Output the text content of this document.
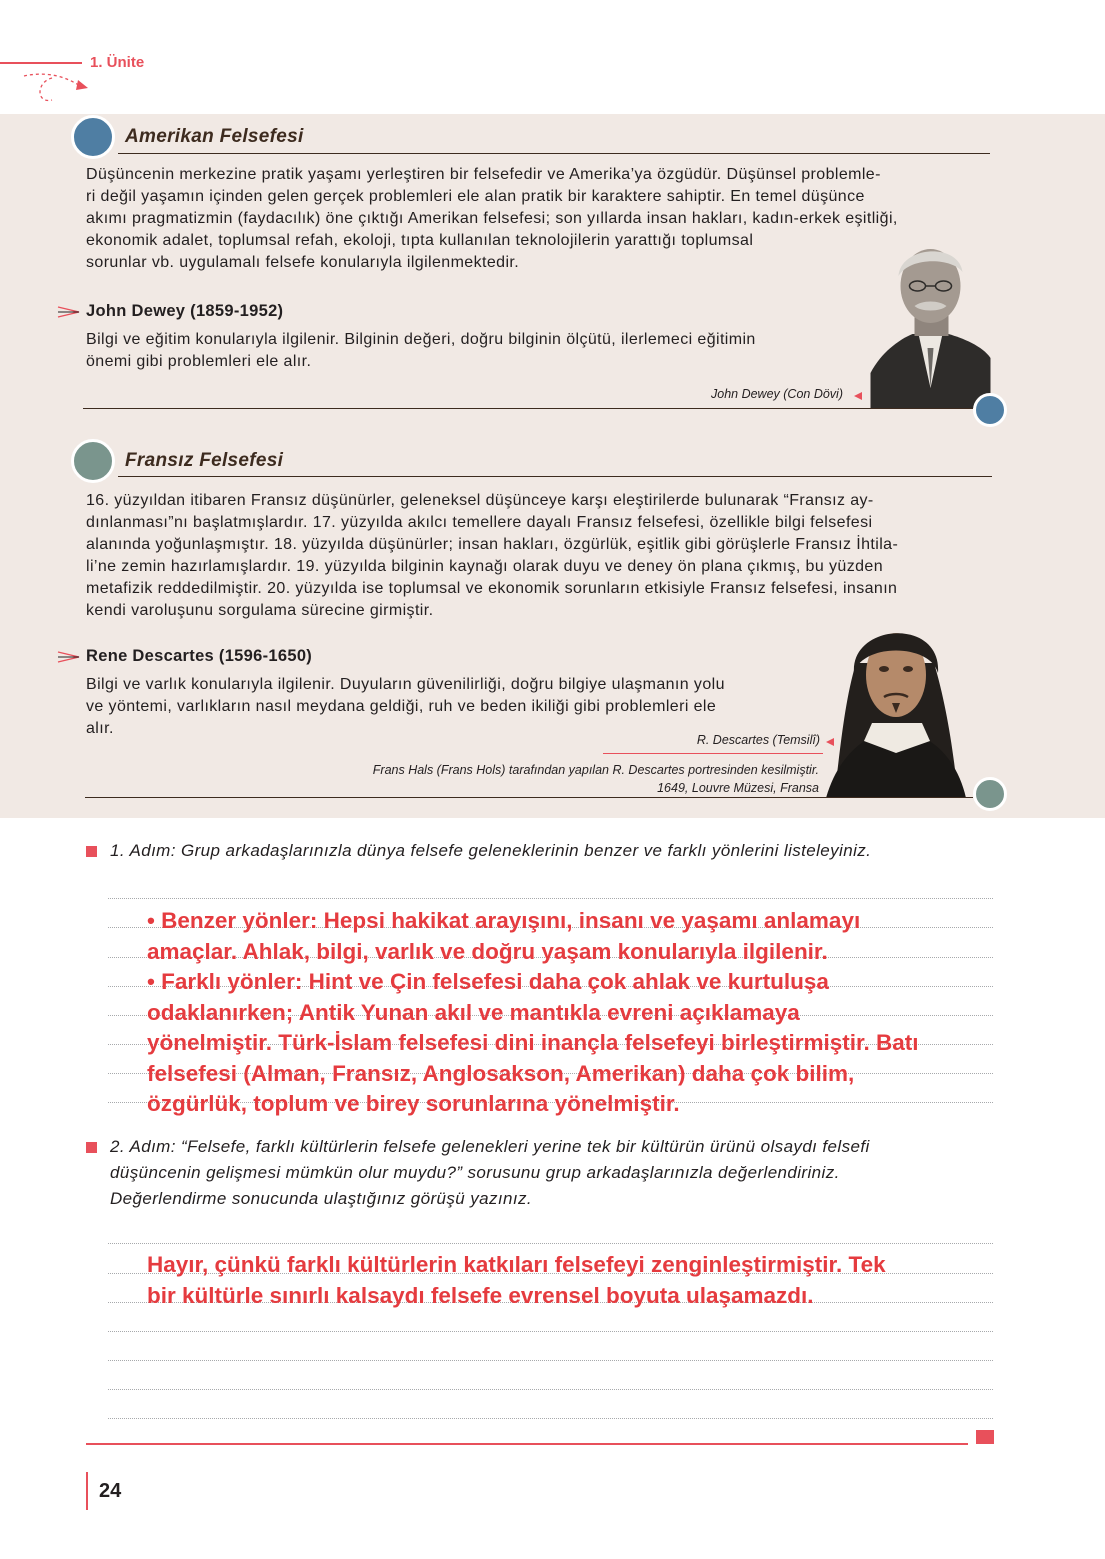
1. Ünite
Amerikan Felsefesi
Düşüncenin merkezine pratik yaşamı yerleştiren bir felsefedir ve Amerika’ya özgüdür. Düşünsel problemle-
ri değil yaşamın içinden gelen gerçek problemleri ele alan pratik bir karaktere sahiptir. En temel düşünce
akımı pragmatizmin (faydacılık) öne çıktığı Amerikan felsefesi; son yıllarda insan hakları, kadın-erkek eşitliği,
ekonomik adalet, toplumsal refah, ekoloji, tıpta kullanılan teknolojilerin yarattığı toplumsal
sorunlar vb. uygulamalı felsefe konularıyla ilgilenmektedir.
John Dewey (1859-1952)
Bilgi ve eğitim konularıyla ilgilenir. Bilginin değeri, doğru bilginin ölçütü, ilerlemeci eğitimin
önemi gibi problemleri ele alır.
John Dewey (Con Dövi)
Fransız Felsefesi
16. yüzyıldan itibaren Fransız düşünürler, geleneksel düşünceye karşı eleştirilerde bulunarak “Fransız ay-
dınlanması”nı başlatmışlardır. 17. yüzyılda akılcı temellere dayalı Fransız felsefesi, özellikle bilgi felsefesi
alanında yoğunlaşmıştır. 18. yüzyılda düşünürler; insan hakları, özgürlük, eşitlik gibi görüşlerle Fransız İhtila-
li’ne zemin hazırlamışlardır. 19. yüzyılda bilginin kaynağı olarak duyu ve deney ön plana çıkmış, bu yüzden
metafizik reddedilmiştir. 20. yüzyılda ise toplumsal ve ekonomik sorunların etkisiyle Fransız felsefesi, insanın
kendi varoluşunu sorgulama sürecine girmiştir.
Rene Descartes (1596-1650)
Bilgi ve varlık konularıyla ilgilenir. Duyuların güvenilirliği, doğru bilgiye ulaşmanın yolu
ve yöntemi, varlıkların nasıl meydana geldiği, ruh ve beden ikiliği gibi problemleri ele
alır.
R. Descartes (Temsilî)
Frans Hals (Frans Hols) tarafından yapılan R. Descartes portresinden kesilmiştir.
1649, Louvre Müzesi, Fransa
1. Adım: Grup arkadaşlarınızla dünya felsefe geleneklerinin benzer ve farklı yönlerini listeleyiniz.
• Benzer yönler: Hepsi hakikat arayışını, insanı ve yaşamı anlamayı
amaçlar. Ahlak, bilgi, varlık ve doğru yaşam konularıyla ilgilenir.
• Farklı yönler: Hint ve Çin felsefesi daha çok ahlak ve kurtuluşa
odaklanırken; Antik Yunan akıl ve mantıkla evreni açıklamaya
yönelmiştir. Türk-İslam felsefesi dini inançla felsefeyi birleştirmiştir. Batı
felsefesi (Alman, Fransız, Anglosakson, Amerikan) daha çok bilim,
özgürlük, toplum ve birey sorunlarına yönelmiştir.
2. Adım: “Felsefe, farklı kültürlerin felsefe gelenekleri yerine tek bir kültürün ürünü olsaydı felsefi
düşüncenin gelişmesi mümkün olur muydu?” sorusunu grup arkadaşlarınızla değerlendiriniz.
Değerlendirme sonucunda ulaştığınız görüşü yazınız.
Hayır, çünkü farklı kültürlerin katkıları felsefeyi zenginleştirmiştir. Tek
bir kültürle sınırlı kalsaydı felsefe evrensel boyuta ulaşamazdı.
24
